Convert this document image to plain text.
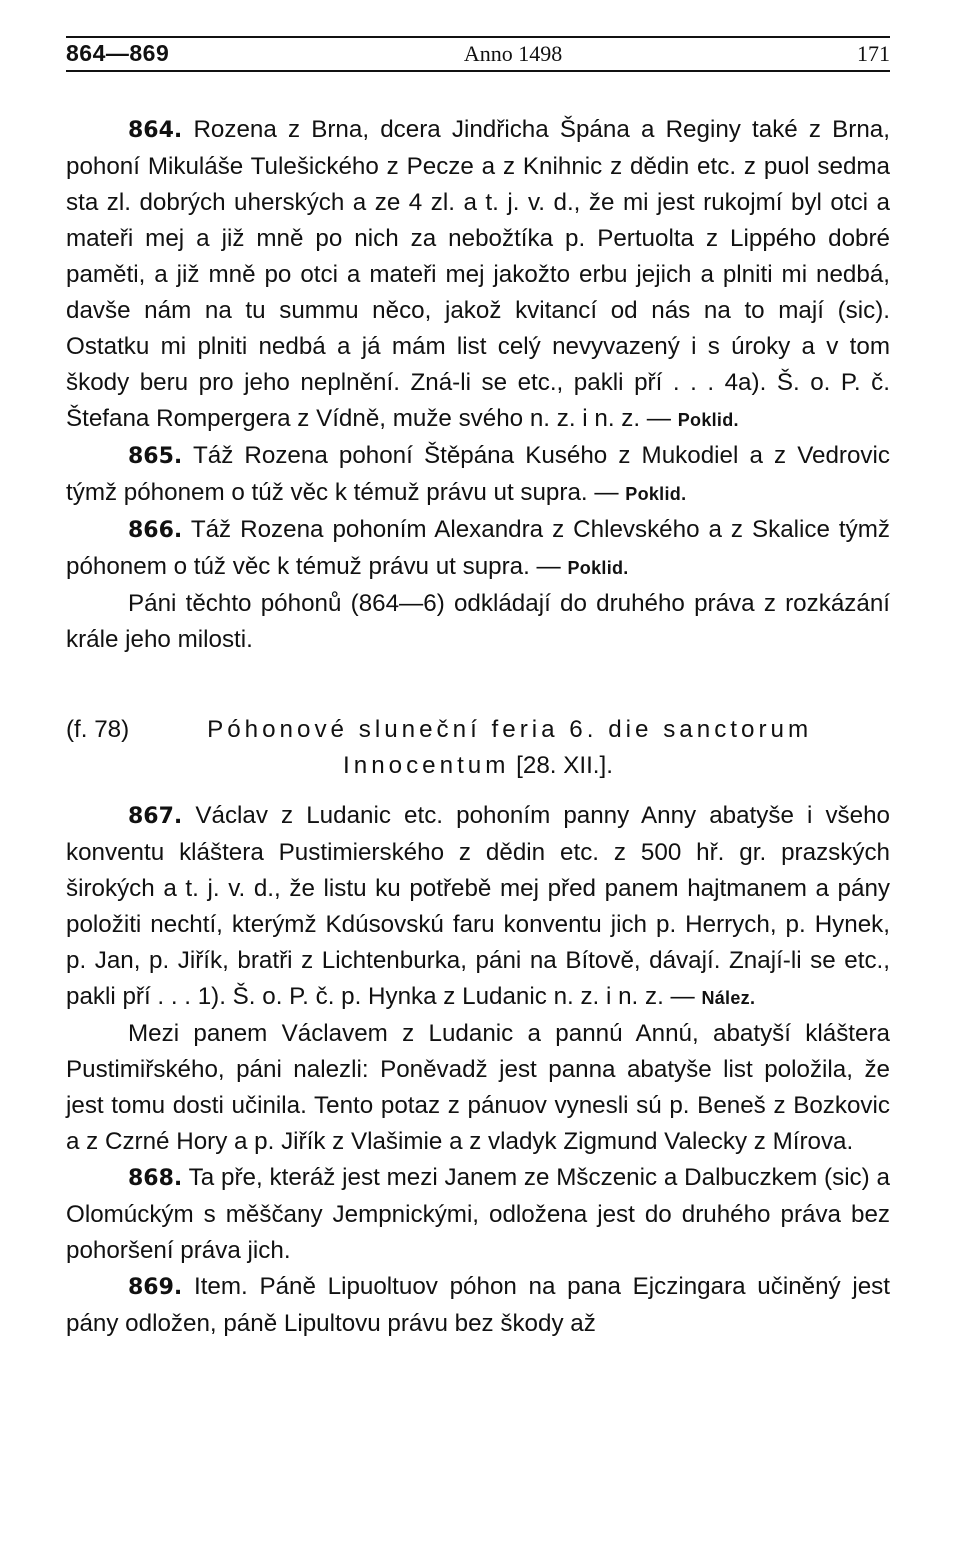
864—869	Anno 1498	171

864. Rozena z Brna, dcera Jindřicha Špána a Reginy také z Brna, pohoní Mikuláše Tulešického z Pecze a z Knihnic z dědin etc. z puol sedma sta zl. dobrých uherských a ze 4 zl. a t. j. v. d., že mi jest rukojmí byl otci a mateři mej a již mně po nich za nebožtíka p. Pertuolta z Lippého dobré paměti, a již mně po otci a mateři mej jakožto erbu jejich a plniti mi nedbá, davše nám na tu summu něco, jakož kvitancí od nás na to mají (sic). Ostatku mi plniti nedbá a já mám list celý nevyvazený i s úroky a v tom škody beru pro jeho neplnění. Zná-li se etc., pakli pří . . . 4a). Š. o. P. č. Štefana Rompergera z Vídně, muže svého n. z. i n. z. — Poklid.

865. Táž Rozena pohoní Štěpána Kusého z Mukodiel a z Vedrovic týmž póhonem o túž věc k témuž právu ut supra. — Poklid.

866. Táž Rozena pohoním Alexandra z Chlevského a z Skalice týmž póhonem o túž věc k témuž právu ut supra. — Poklid.

Páni těchto póhonů (864—6) odkládají do druhého práva z rozkázání krále jeho milosti.

(f. 78)	Póhonové sluneční feria 6. die sanctorum Innocentum [28. XII.].

867. Václav z Ludanic etc. pohoním panny Anny abatyše i všeho konventu kláštera Pustimierského z dědin etc. z 500 hř. gr. prazských širokých a t. j. v. d., že listu ku potřebě mej před panem hajtmanem a pány položiti nechtí, kterýmž Kdúsovskú faru konventu jich p. Herrych, p. Hynek, p. Jan, p. Jiřík, bratři z Lichtenburka, páni na Bítově, dávají. Znají-li se etc., pakli pří . . . 1). Š. o. P. č. p. Hynka z Ludanic n. z. i n. z. — Nález.

Mezi panem Václavem z Ludanic a pannú Annú, abatyší kláštera Pustimiřského, páni nalezli: Poněvadž jest panna abatyše list položila, že jest tomu dosti učinila. Tento potaz z pánuov vynesli sú p. Beneš z Bozkovic a z Czrné Hory a p. Jiřík z Vlašimie a z vladyk Zigmund Valecky z Mírova.

868. Ta pře, kteráž jest mezi Janem ze Mšczenic a Dalbuczkem (sic) a Olomúckým s měščany Jempnickými, odložena jest do druhého práva bez pohoršení práva jich.

869. Item. Páně Lipuoltuov póhon na pana Ejczingara učiněný jest pány odložen, páně Lipultovu právu bez škody až
